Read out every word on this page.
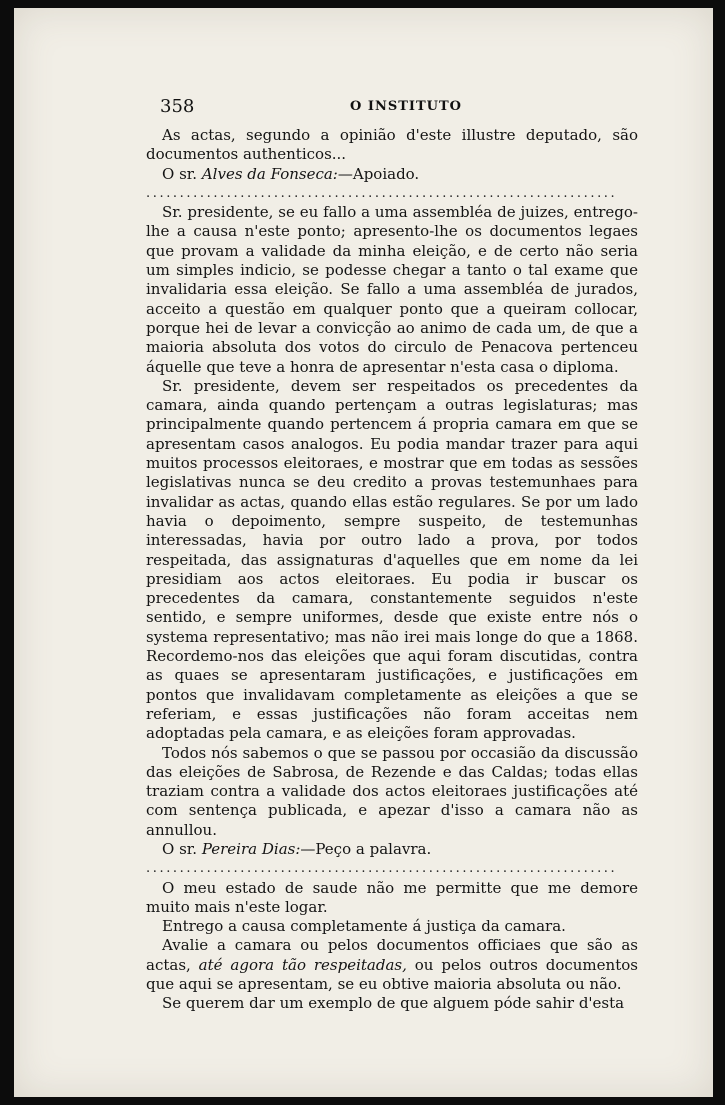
358	O INSTITUTO

As actas, segundo a opinião d'este illustre deputado, são documentos authenticos...

O sr. Alves da Fonseca:—Apoiado.

......................................................................

Sr. presidente, se eu fallo a uma assembléa de juizes, entrego-lhe a causa n'este ponto; apresento-lhe os documentos legaes que provam a validade da minha eleição, e de certo não seria um simples indicio, se podesse chegar a tanto o tal exame que invalidaria essa eleição. Se fallo a uma assembléa de jurados, acceito a questão em qualquer ponto que a queiram collocar, porque hei de levar a convicção ao animo de cada um, de que a maioria absoluta dos votos do circulo de Penacova pertenceu áquelle que teve a honra de apresentar n'esta casa o diploma.

Sr. presidente, devem ser respeitados os precedentes da camara, ainda quando pertençam a outras legislaturas; mas principalmente quando pertencem á propria camara em que se apresentam casos analogos. Eu podia mandar trazer para aqui muitos processos eleitoraes, e mostrar que em todas as sessões legislativas nunca se deu credito a provas testemunhaes para invalidar as actas, quando ellas estão regulares. Se por um lado havia o depoimento, sempre suspeito, de testemunhas interessadas, havia por outro lado a prova, por todos respeitada, das assignaturas d'aquelles que em nome da lei presidiam aos actos eleitoraes. Eu podia ir buscar os precedentes da camara, constantemente seguidos n'este sentido, e sempre uniformes, desde que existe entre nós o systema representativo; mas não irei mais longe do que a 1868. Recordemo-nos das eleições que aqui foram discutidas, contra as quaes se apresentaram justificações, e justificações em pontos que invalidavam completamente as eleições a que se referiam, e essas justificações não foram acceitas nem adoptadas pela camara, e as eleições foram approvadas.

Todos nós sabemos o que se passou por occasião da discussão das eleições de Sabrosa, de Rezende e das Caldas; todas ellas traziam contra a validade dos actos eleitoraes justificações até com sentença publicada, e apezar d'isso a camara não as annullou.

O sr. Pereira Dias:—Peço a palavra.

......................................................................

O meu estado de saude não me permitte que me demore muito mais n'este logar.

Entrego a causa completamente á justiça da camara.

Avalie a camara ou pelos documentos officiaes que são as actas, até agora tão respeitadas, ou pelos outros documentos que aqui se apresentam, se eu obtive maioria absoluta ou não.

Se querem dar um exemplo de que alguem póde sahir d'esta
